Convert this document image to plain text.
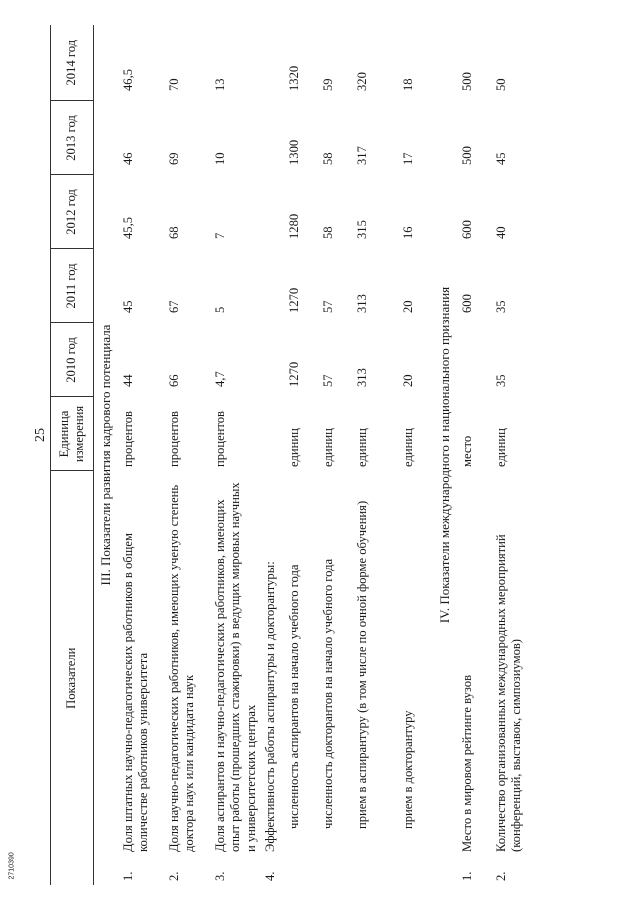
25
Показатели		Единица измерения	2010 год	2011 год	2012 год	2013 год	2014 год
III. Показатели развития кадрового потенциала							
1.	Доля штатных научно-педагогических работников в общем количестве работников университета	процентов	44	45	45,5	46	46,5
2.	Доля научно-педагогических работников, имеющих ученую степень доктора наук или кандидата наук	процентов	66	67	68	69	70
3.	Доля аспирантов и научно-педагогических работников, имеющих опыт работы (прошедших стажировки) в ведущих мировых научных и университетских центрах	процентов	4,7	5	7	10	13
4.	Эффективность работы аспирантуры и докторантуры:						
	численность аспирантов на начало учебного года	единиц	1270	1270	1280	1300	1320
	численность докторантов на начало учебного года	единиц	57	57	58	58	59
	прием в аспирантуру (в том числе по очной форме обучения)	единиц	313	313	315	317	320
	прием в докторантуру	единиц	20	20	16	17	18
IV. Показатели международного и национального признания							
1.	Место в мировом рейтинге вузов	место		600	600	500	500
2.	Количество организованных международных мероприятий (конференций, выставок, симпозиумов)	единиц	35	35	40	45	50
2710390
